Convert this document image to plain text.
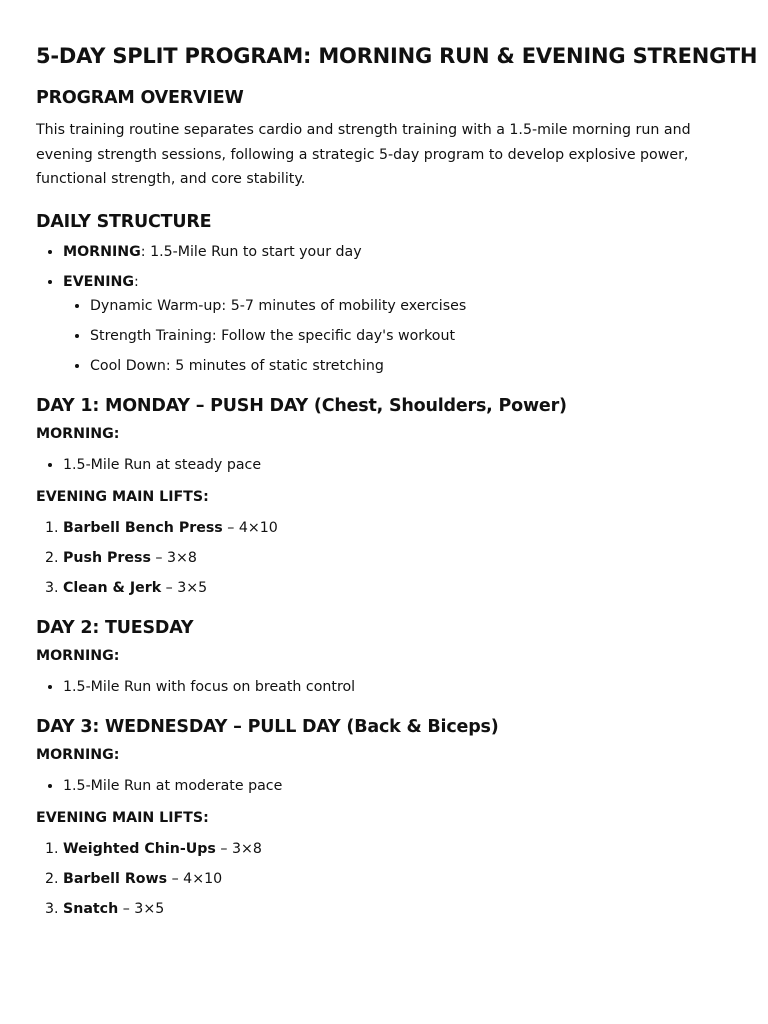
5-DAY SPLIT PROGRAM: MORNING RUN & EVENING STRENGTH
PROGRAM OVERVIEW

This training routine separates cardio and strength training with a 1.5-mile morning run and evening strength sessions, following a strategic 5-day program to develop explosive power, functional strength, and core stability.

DAILY STRUCTURE
• MORNING: 1.5-Mile Run to start your day
• EVENING:
• Dynamic Warm-up: 5-7 minutes of mobility exercises
• Strength Training: Follow the specific day's workout
• Cool Down: 5 minutes of static stretching
DAY 1: MONDAY – PUSH DAY (Chest, Shoulders, Power)
MORNING:
• 1.5-Mile Run at steady pace
EVENING MAIN LIFTS:
1. Barbell Bench Press – 4×10
2. Push Press – 3×8
3. Clean & Jerk – 3×5
DAY 2: TUESDAY
MORNING:
• 1.5-Mile Run with focus on breath control
DAY 3: WEDNESDAY – PULL DAY (Back & Biceps)
MORNING:
• 1.5-Mile Run at moderate pace
EVENING MAIN LIFTS:
1. Weighted Chin-Ups – 3×8
2. Barbell Rows – 4×10
3. Snatch – 3×5
